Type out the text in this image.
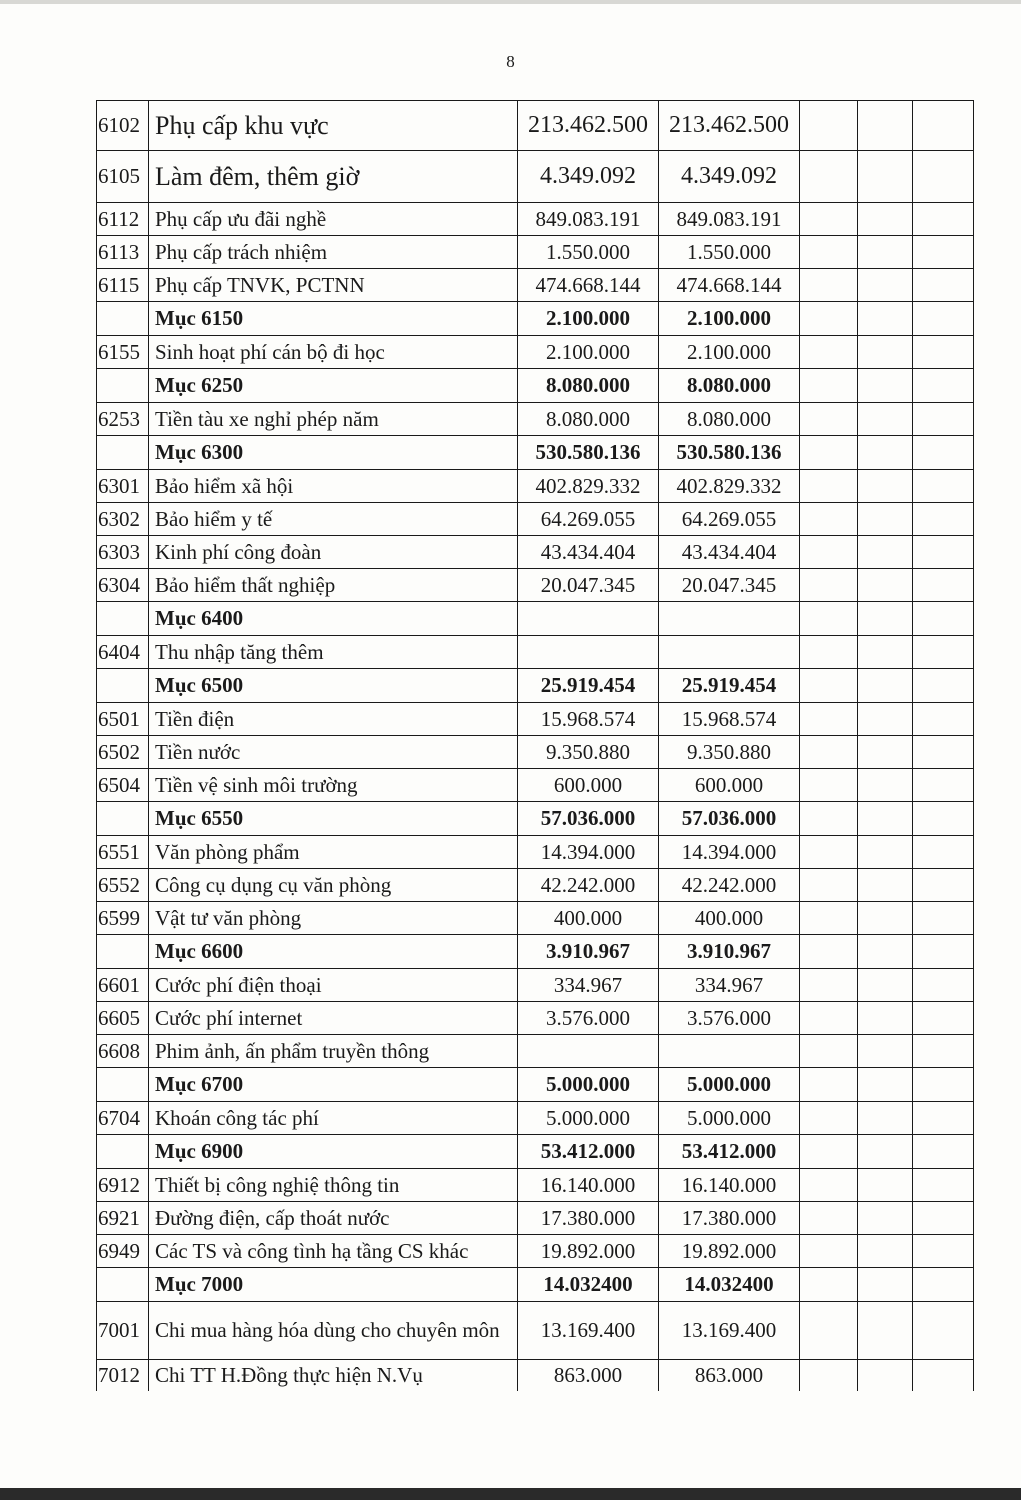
8
6102	Phụ cấp khu vực	213.462.500	213.462.500			
6105	Làm đêm, thêm giờ	4.349.092	4.349.092			
6112	Phụ cấp ưu đãi nghề	849.083.191	849.083.191			
6113	Phụ cấp trách nhiệm	1.550.000	1.550.000			
6115	Phụ cấp TNVK, PCTNN	474.668.144	474.668.144			
	Mục 6150	2.100.000	2.100.000			
6155	Sinh hoạt phí cán bộ đi học	2.100.000	2.100.000			
	Mục 6250	8.080.000	8.080.000			
6253	Tiền tàu xe nghỉ phép năm	8.080.000	8.080.000			
	Mục 6300	530.580.136	530.580.136			
6301	Bảo hiểm xã hội	402.829.332	402.829.332			
6302	Bảo hiểm y tế	64.269.055	64.269.055			
6303	Kinh phí công đoàn	43.434.404	43.434.404			
6304	Bảo hiểm thất nghiệp	20.047.345	20.047.345			
	Mục 6400					
6404	Thu nhập tăng thêm					
	Mục 6500	25.919.454	25.919.454			
6501	Tiền điện	15.968.574	15.968.574			
6502	Tiền nước	9.350.880	9.350.880			
6504	Tiền vệ sinh môi trường	600.000	600.000			
	Mục 6550	57.036.000	57.036.000			
6551	Văn phòng phẩm	14.394.000	14.394.000			
6552	Công cụ dụng cụ văn phòng	42.242.000	42.242.000			
6599	Vật tư văn phòng	400.000	400.000			
	Mục 6600	3.910.967	3.910.967			
6601	Cước phí điện thoại	334.967	334.967			
6605	Cước phí internet	3.576.000	3.576.000			
6608	Phim ảnh, ấn phẩm truyền thông					
	Mục 6700	5.000.000	5.000.000			
6704	Khoán công tác phí	5.000.000	5.000.000			
	Mục 6900	53.412.000	53.412.000			
6912	Thiết bị công nghiệ thông tin	16.140.000	16.140.000			
6921	Đường điện, cấp thoát nước	17.380.000	17.380.000			
6949	Các TS và công tình hạ tầng CS khác	19.892.000	19.892.000			
	Mục 7000	14.032400	14.032400			
7001	Chi mua hàng hóa dùng cho chuyên môn	13.169.400	13.169.400			
7012	Chi TT H.Đồng thực hiện N.Vụ	863.000	863.000			
